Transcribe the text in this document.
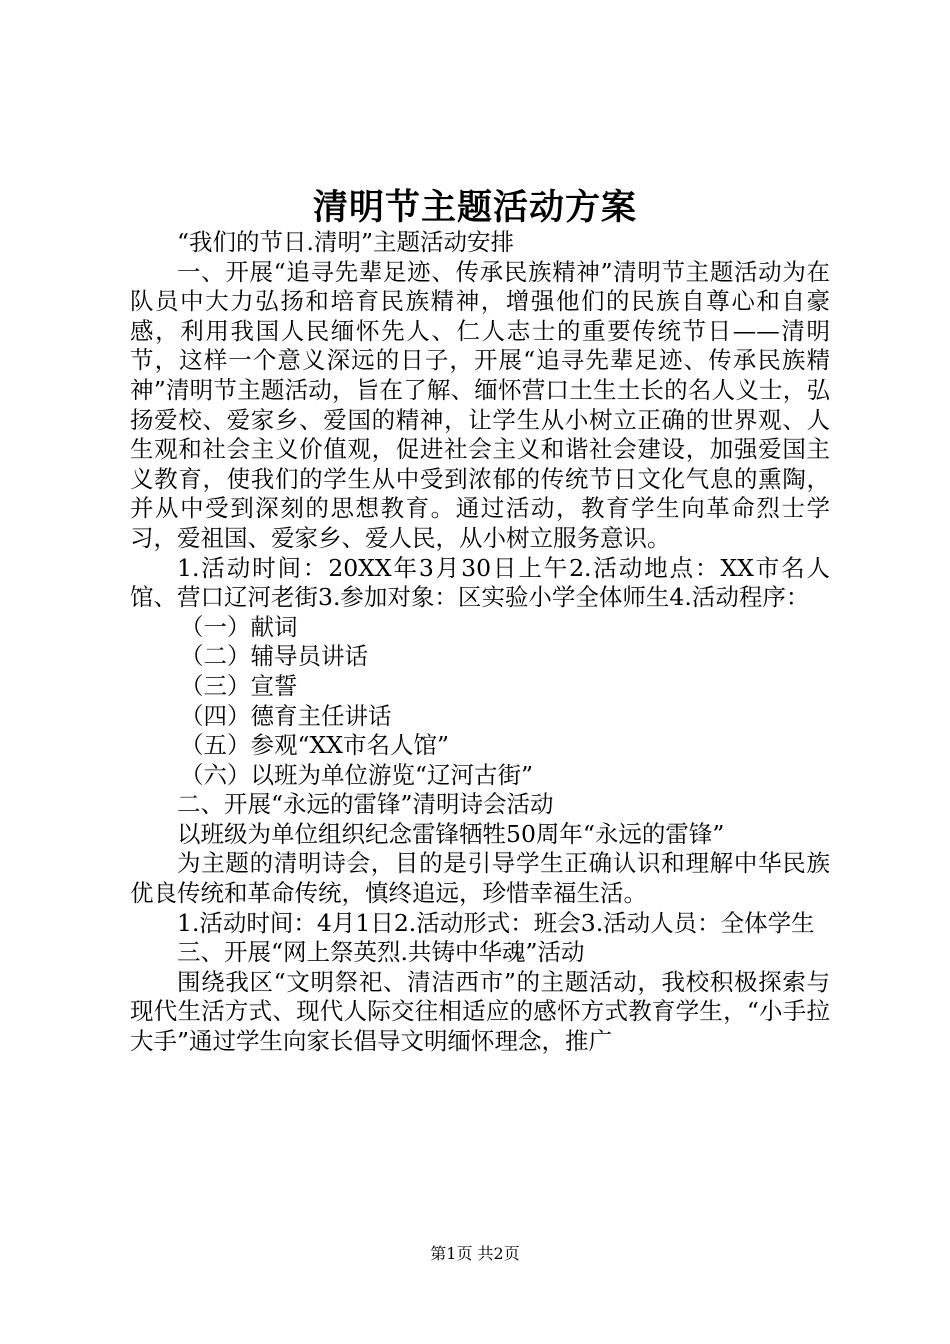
清明节主题活动方案

“我们的节日.清明”主题活动安排

一、开展“追寻先辈足迹、传承民族精神”清明节主题活动为在队员中大力弘扬和培育民族精神，增强他们的民族自尊心和自豪感，利用我国人民缅怀先人、仁人志士的重要传统节日——清明节，这样一个意义深远的日子，开展“追寻先辈足迹、传承民族精神”清明节主题活动，旨在了解、缅怀营口土生土长的名人义士，弘扬爱校、爱家乡、爱国的精神，让学生从小树立正确的世界观、人生观和社会主义价值观，促进社会主义和谐社会建设，加强爱国主义教育，使我们的学生从中受到浓郁的传统节日文化气息的熏陶，并从中受到深刻的思想教育。通过活动，教育学生向革命烈士学习，爱祖国、爱家乡、爱人民，从小树立服务意识。

1.活动时间：20XX年3月30日上午2.活动地点：XX市名人馆、营口辽河老街3.参加对象：区实验小学全体师生4.活动程序：

（一）献词

（二）辅导员讲话

（三）宣誓

（四）德育主任讲话

（五）参观“XX市名人馆”

（六）以班为单位游览“辽河古街”

二、开展“永远的雷锋”清明诗会活动

以班级为单位组织纪念雷锋牺牲50周年“永远的雷锋”

为主题的清明诗会，目的是引导学生正确认识和理解中华民族优良传统和革命传统，慎终追远，珍惜幸福生活。

1.活动时间：4月1日2.活动形式：班会3.活动人员：全体学生

三、开展“网上祭英烈.共铸中华魂”活动

围绕我区“文明祭祀、清洁西市”的主题活动，我校积极探索与现代生活方式、现代人际交往相适应的感怀方式教育学生，“小手拉大手”通过学生向家长倡导文明缅怀理念，推广

第1页 共2页
